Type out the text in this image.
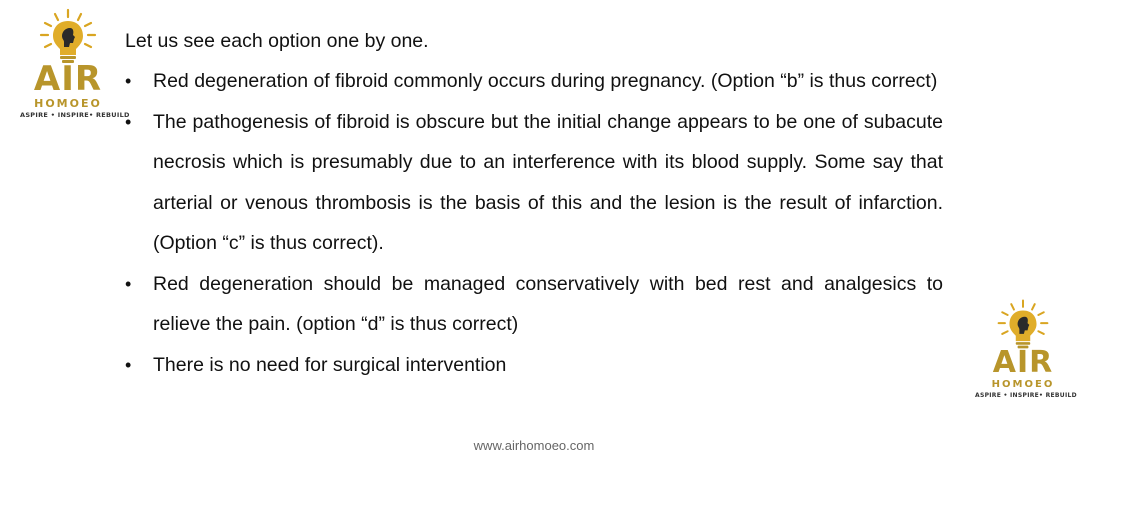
AIR
HOMOEO
ASPIRE • INSPIRE• REBUILD

Let us see each option one by one.

• Red degeneration of fibroid commonly occurs during pregnancy. (Option “b” is thus correct)
• The pathogenesis of fibroid is obscure but the initial change appears to be one of subacute necrosis which is presumably due to an interference with its blood supply. Some say that arterial or venous thrombosis is the basis of this and the lesion is the result of infarction. (Option “c” is thus correct).
• Red degeneration should be managed conservatively with bed rest and analgesics to relieve the pain. (option “d” is thus correct)
• There is no need for surgical intervention	AIR
HOMOEO
ASPIRE • INSPIRE• REBUILD
www.airhomoeo.com
